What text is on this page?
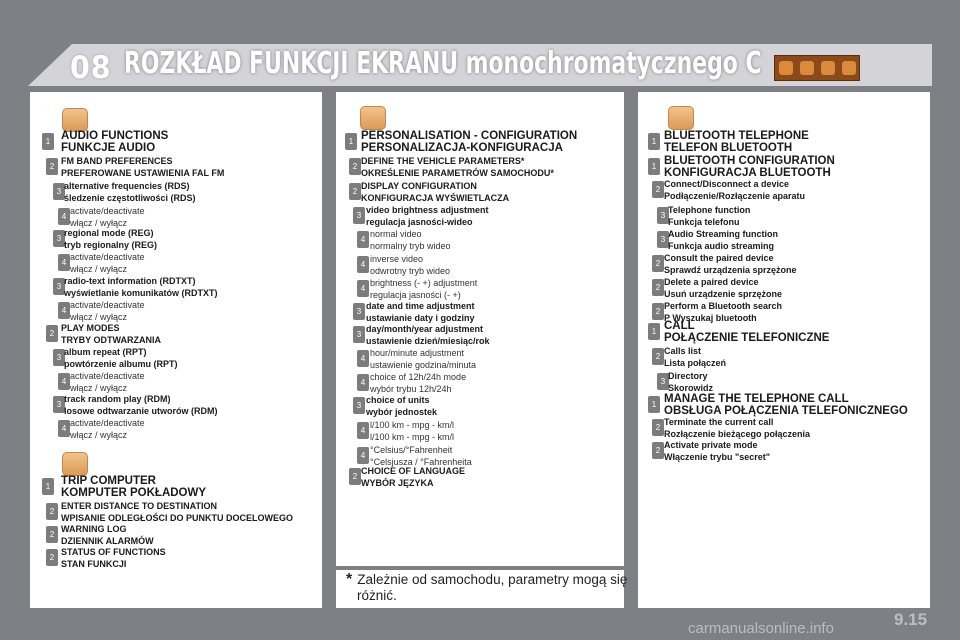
08 ROZKŁAD FUNKCJI EKRANU monochromatycznego C
* Zależnie od samochodu, parametry mogą się
różnić.
1 AUDIO FUNCTIONS
FUNKCJE AUDIO
2
FM BAND PREFERENCES
PREFEROWANE USTAWIENIA FAL FM
3
alternative frequencies (RDS)
śledzenie częstotliwości (RDS)
4
activate/deactivate
włącz / wyłącz
3
regional mode (REG)
tryb regionalny (REG)
4
activate/deactivate
włącz / wyłącz
3
radio-text information (RDTXT)
wyświetlanie komunikatów (RDTXT)
4
activate/deactivate
włącz / wyłącz
2
PLAY MODES
TRYBY ODTWARZANIA
3
album repeat (RPT)
powtórzenie albumu (RPT)
4
activate/deactivate
włącz / wyłącz
3
track random play (RDM)
losowe odtwarzanie utworów (RDM)
4
activate/deactivate
włącz / wyłącz
1 TRIP COMPUTER
KOMPUTER POKŁADOWY
2
ENTER DISTANCE TO DESTINATION
WPISANIE ODLEGŁOŚCI DO PUNKTU DOCELOWEGO
2
WARNING LOG
DZIENNIK ALARMÓW
2
STATUS OF FUNCTIONS
STAN FUNKCJI
1 PERSONALISATION - CONFIGURATION
PERSONALIZACJA-KONFIGURACJA
2
DEFINE THE VEHICLE PARAMETERS*
OKREŚLENIE PARAMETRÓW SAMOCHODU*
2
DISPLAY CONFIGURATION
KONFIGURACJA WYŚWIETLACZA
3
video brightness adjustment
regulacja jasności-wideo
4
normal video
normalny tryb wideo
4
inverse video
odwrotny tryb wideo
4
brightness (- +) adjustment
regulacja jasności (- +)
3
date and time adjustment
ustawianie daty i godziny
3
day/month/year adjustment
ustawienie dzień/miesiąc/rok
4
hour/minute adjustment
ustawienie godzina/minuta
4
choice of 12h/24h mode
wybór trybu 12h/24h
3
choice of units
wybór jednostek
4
l/100 km - mpg - km/l
l/100 km - mpg - km/l
4
°Celsius/°Fahrenheit
°Celsjusza / °Fahrenheita
2
CHOICE OF LANGUAGE
WYBÓR JĘZYKA
1 BLUETOOTH TELEPHONE
TELEFON BLUETOOTH
1 BLUETOOTH CONFIGURATION
KONFIGURACJA BLUETOOTH
2
Connect/Disconnect a device
Podłączenie/Rozłączenie aparatu
3
Telephone function
Funkcja telefonu
3
Audio Streaming function
Funkcja audio streaming
2
Consult the paired device
Sprawdź urządzenia sprzężone
2
Delete a paired device
Usuń urządzenie sprzężone
2
Perform a Bluetooth search
P Wyszukaj bluetooth
1 CALL
POŁĄCZENIE TELEFONICZNE
2
Calls list
Lista połączeń
3
Directory
Skorowidz
1 MANAGE THE TELEPHONE CALL
OBSŁUGA POŁĄCZENIA TELEFONICZNEGO
2
Terminate the current call
Rozłączenie bieżącego połączenia
2
Activate private mode
Włączenie trybu "secret"
9.15
carmanualsonline.info
